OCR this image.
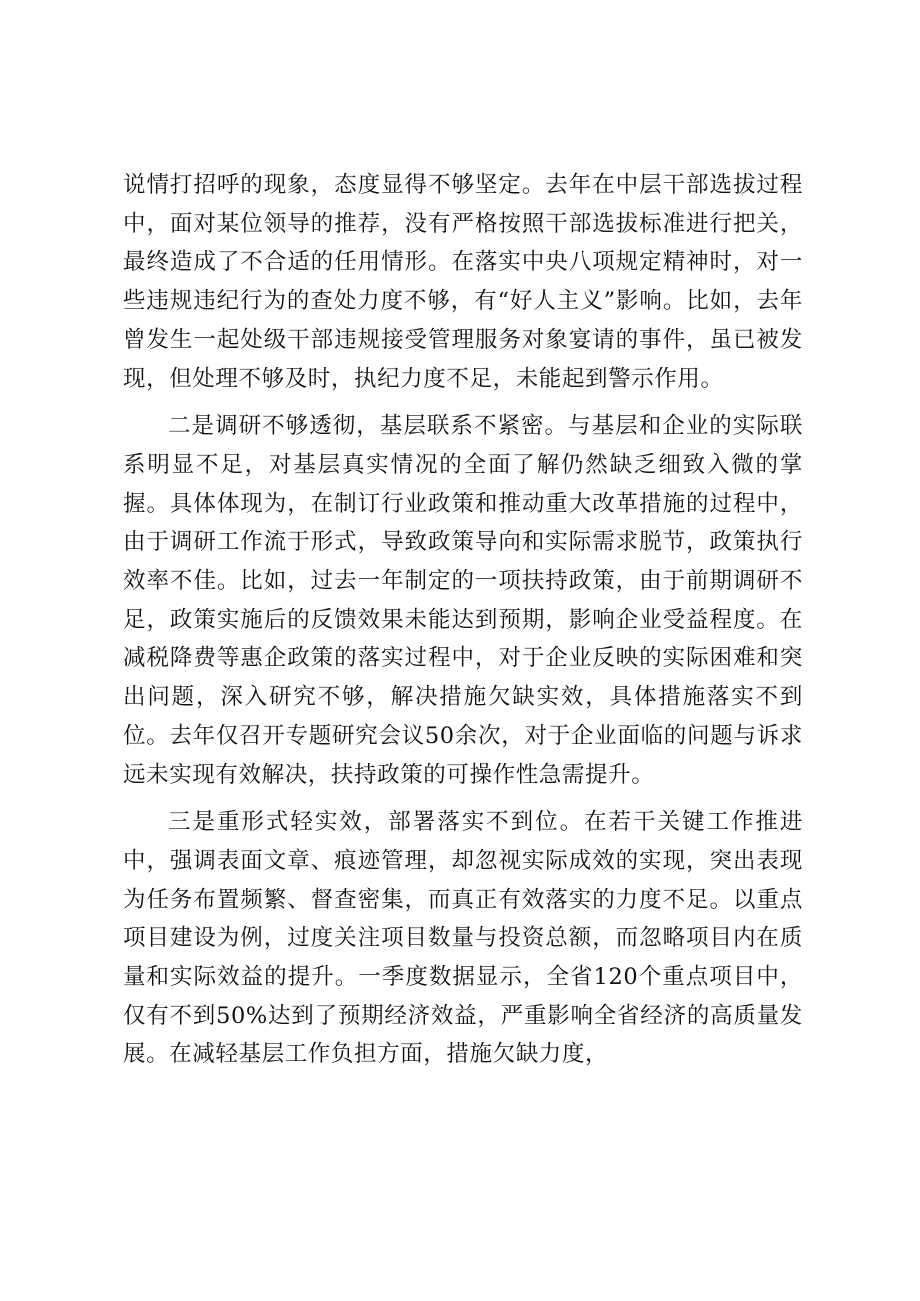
说情打招呼的现象，态度显得不够坚定。去年在中层干部选拔过程中，面对某位领导的推荐，没有严格按照干部选拔标准进行把关，最终造成了不合适的任用情形。在落实中央八项规定精神时，对一些违规违纪行为的查处力度不够，有“好人主义”影响。比如，去年曾发生一起处级干部违规接受管理服务对象宴请的事件，虽已被发现，但处理不够及时，执纪力度不足，未能起到警示作用。

二是调研不够透彻，基层联系不紧密。与基层和企业的实际联系明显不足，对基层真实情况的全面了解仍然缺乏细致入微的掌握。具体体现为，在制订行业政策和推动重大改革措施的过程中，由于调研工作流于形式，导致政策导向和实际需求脱节，政策执行效率不佳。比如，过去一年制定的一项扶持政策，由于前期调研不足，政策实施后的反馈效果未能达到预期，影响企业受益程度。在减税降费等惠企政策的落实过程中，对于企业反映的实际困难和突出问题，深入研究不够，解决措施欠缺实效，具体措施落实不到位。去年仅召开专题研究会议50余次，对于企业面临的问题与诉求远未实现有效解决，扶持政策的可操作性急需提升。

三是重形式轻实效，部署落实不到位。在若干关键工作推进中，强调表面文章、痕迹管理，却忽视实际成效的实现，突出表现为任务布置频繁、督查密集，而真正有效落实的力度不足。以重点项目建设为例，过度关注项目数量与投资总额，而忽略项目内在质量和实际效益的提升。一季度数据显示，全省120个重点项目中，仅有不到50%达到了预期经济效益，严重影响全省经济的高质量发展。在减轻基层工作负担方面，措施欠缺力度，
